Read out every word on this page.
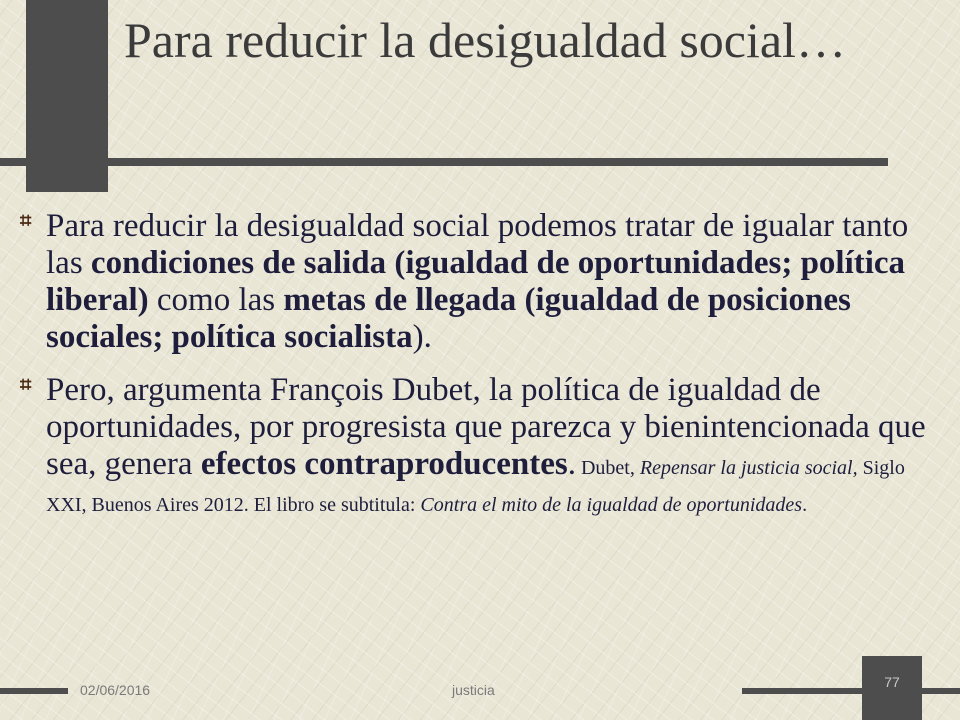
Para reducir la desigualdad social…
⌗ Para reducir la desigualdad social podemos tratar de igualar tanto las condiciones de salida (igualdad de oportunidades; política liberal) como las metas de llegada (igualdad de posiciones sociales; política socialista).
⌗ Pero, argumenta François Dubet, la política de igualdad de oportunidades, por progresista que parezca y bienintencionada que sea, genera efectos contraproducentes. Dubet, Repensar la justicia social, Siglo XXI, Buenos Aires 2012. El libro se subtitula: Contra el mito de la igualdad de oportunidades.
02/06/2016	justicia	77
